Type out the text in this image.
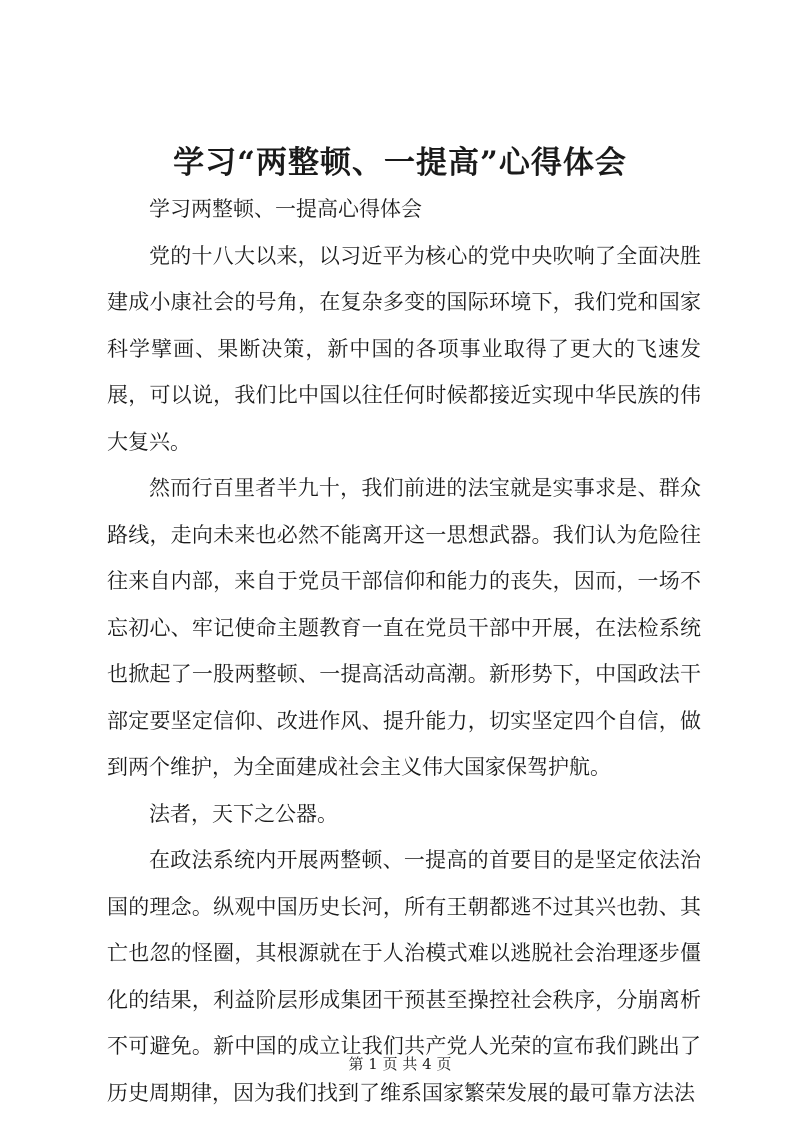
学习“两整顿、一提高”心得体会

学习两整顿、一提高心得体会

党的十八大以来，以习近平为核心的党中央吹响了全面决胜建成小康社会的号角，在复杂多变的国际环境下，我们党和国家科学擘画、果断决策，新中国的各项事业取得了更大的飞速发展，可以说，我们比中国以往任何时候都接近实现中华民族的伟大复兴。

然而行百里者半九十，我们前进的法宝就是实事求是、群众路线，走向未来也必然不能离开这一思想武器。我们认为危险往往来自内部，来自于党员干部信仰和能力的丧失，因而，一场不忘初心、牢记使命主题教育一直在党员干部中开展，在法检系统也掀起了一股两整顿、一提高活动高潮。新形势下，中国政法干部定要坚定信仰、改进作风、提升能力，切实坚定四个自信，做到两个维护，为全面建成社会主义伟大国家保驾护航。

法者，天下之公器。

在政法系统内开展两整顿、一提高的首要目的是坚定依法治国的理念。纵观中国历史长河，所有王朝都逃不过其兴也勃、其亡也忽的怪圈，其根源就在于人治模式难以逃脱社会治理逐步僵化的结果，利益阶层形成集团干预甚至操控社会秩序，分崩离析不可避免。新中国的成立让我们共产党人光荣的宣布我们跳出了历史周期律，因为我们找到了维系国家繁荣发展的最可靠方法法

第 1 页 共 4 页
